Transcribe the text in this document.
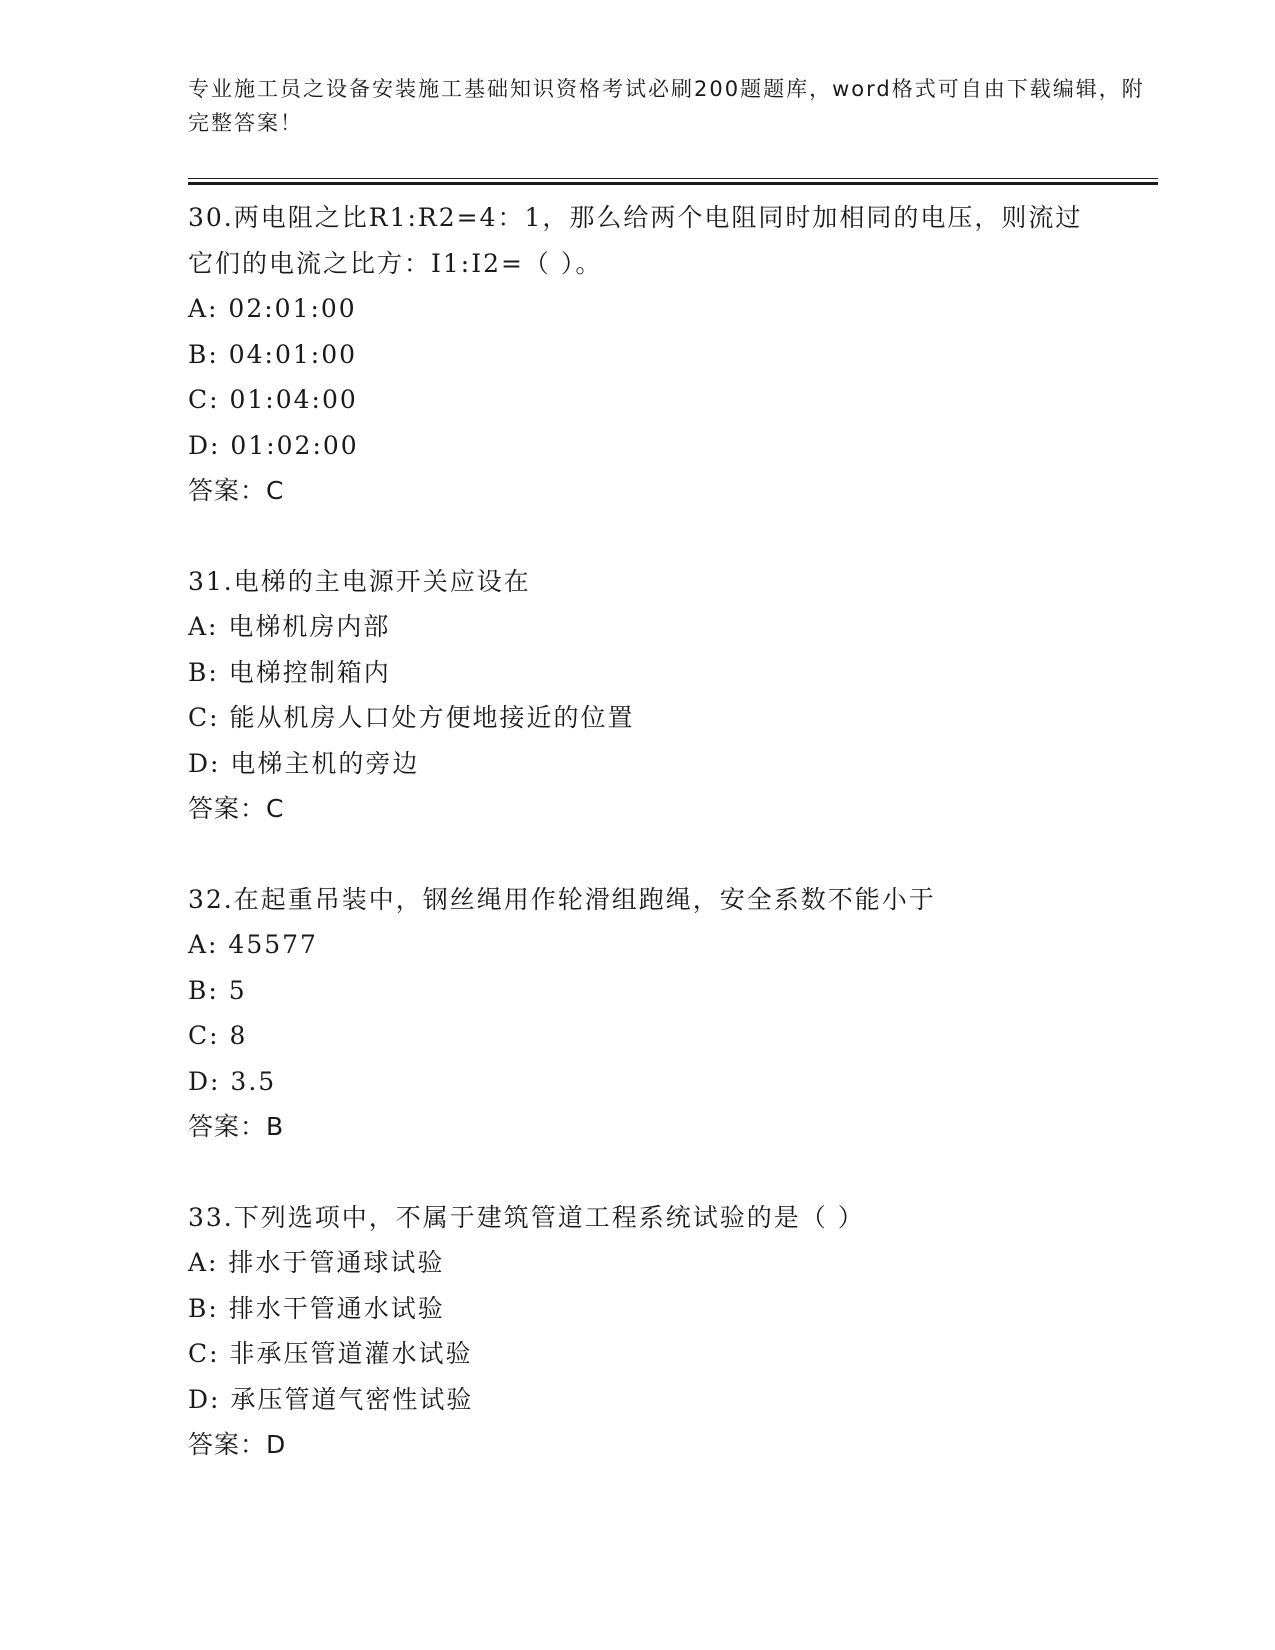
专业施工员之设备安装施工基础知识资格考试必刷200题题库，word格式可自由下载编辑，附完整答案！

30.两电阻之比R1:R2=4：1，那么给两个电阻同时加相同的电压，则流过它们的电流之比方：I1:I2=（ ）。

A: 02:01:00

B: 04:01:00

C: 01:04:00

D: 01:02:00

答案：C

31.电梯的主电源开关应设在

A: 电梯机房内部

B: 电梯控制箱内

C: 能从机房人口处方便地接近的位置

D: 电梯主机的旁边

答案：C

32.在起重吊装中，钢丝绳用作轮滑组跑绳，安全系数不能小于

A: 45577

B: 5

C: 8

D: 3.5

答案：B

33.下列选项中，不属于建筑管道工程系统试验的是（ ）

A: 排水于管通球试验

B: 排水干管通水试验

C: 非承压管道灌水试验

D: 承压管道气密性试验

答案：D
